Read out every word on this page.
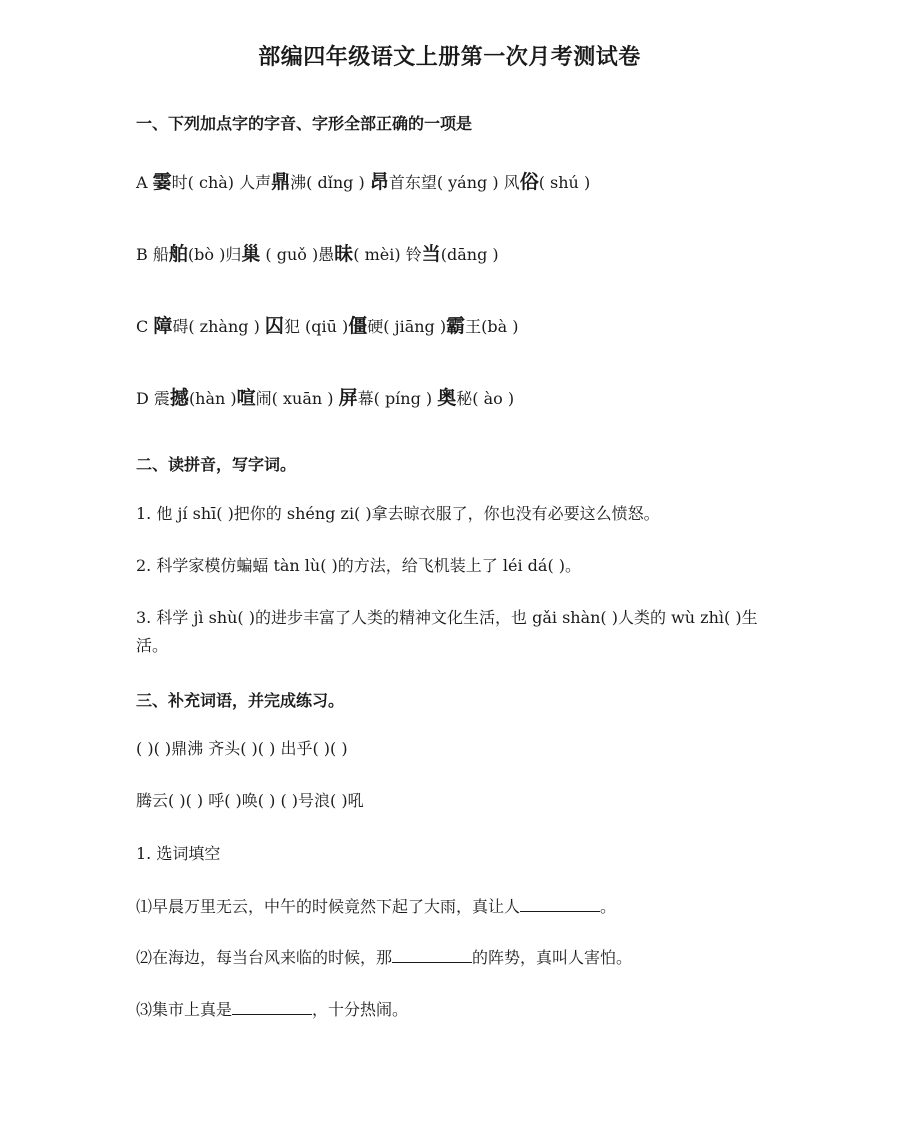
部编四年级语文上册第一次月考测试卷
一、下列加点字的字音、字形全部正确的一项是
A 霎时( chà) 人声鼎沸( dǐng ) 昂首东望( yáng ) 风俗( shú )
B 船舶(bò )归巢 ( guǒ )愚昧( mèi) 铃当(dāng )
C 障碍( zhàng ) 囚犯 (qiū )僵硬( jiāng )霸王(bà )
D 震撼(hàn )喧闹( xuān ) 屏幕( píng ) 奥秘( ào )
二、读拼音，写字词。
1. 他 jí shī( )把你的 shéng zi( )拿去晾衣服了，你也没有必要这么愤怒。
2. 科学家模仿蝙蝠 tàn lù( )的方法，给飞机装上了 léi dá( )。
3. 科学 jì shù( )的进步丰富了人类的精神文化生活，也 gǎi shàn( )人类的 wù zhì( )生活。
三、补充词语，并完成练习。
( )( )鼎沸 齐头( )( ) 出乎( )( )
腾云( )( ) 呼( )唤( ) ( )号浪( )吼
1. 选词填空
⑴早晨万里无云，中午的时候竟然下起了大雨，真让人	。
⑵在海边，每当台风来临的时候，那	的阵势，真叫人害怕。
⑶集市上真是	，十分热闹。
